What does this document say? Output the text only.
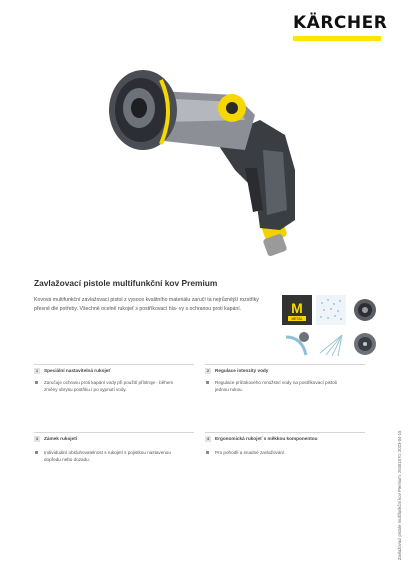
KÄRCHER
Zavlažovací pistole multifunkční kov Premium
Kovová multifunkční zavlažovací pistol z vysoce kvalitního materiálu zaručí ta nejrůznější rozstřiky přesně dle potřeby. Všechně ocelně rukojeť s postříkovací hla- vy s ochranou proti kapání.	M
METAL
1 Speciální nastavitelná rukojeť
Zaručuje ochranu proti kapání vody při použití přístroje - během změny obrysu postřiku i po vypnutí vody.
2 Regulace intenzity vody
Regulace průtokového množství vody na postřikovací pistoli jednou rukou.
3 Zámek rukojeti
Individuální obsluhovatelnost s rukojetí s pojistkou nastavenou dopředu nebo dozadu.
4 Ergonomická rukojeť s měkkou komponentou
Pro pohodlí a snadné zavlažování.	Zavlažovací pistole multifunkční kov Premium, 26451570, 2023-04-15
